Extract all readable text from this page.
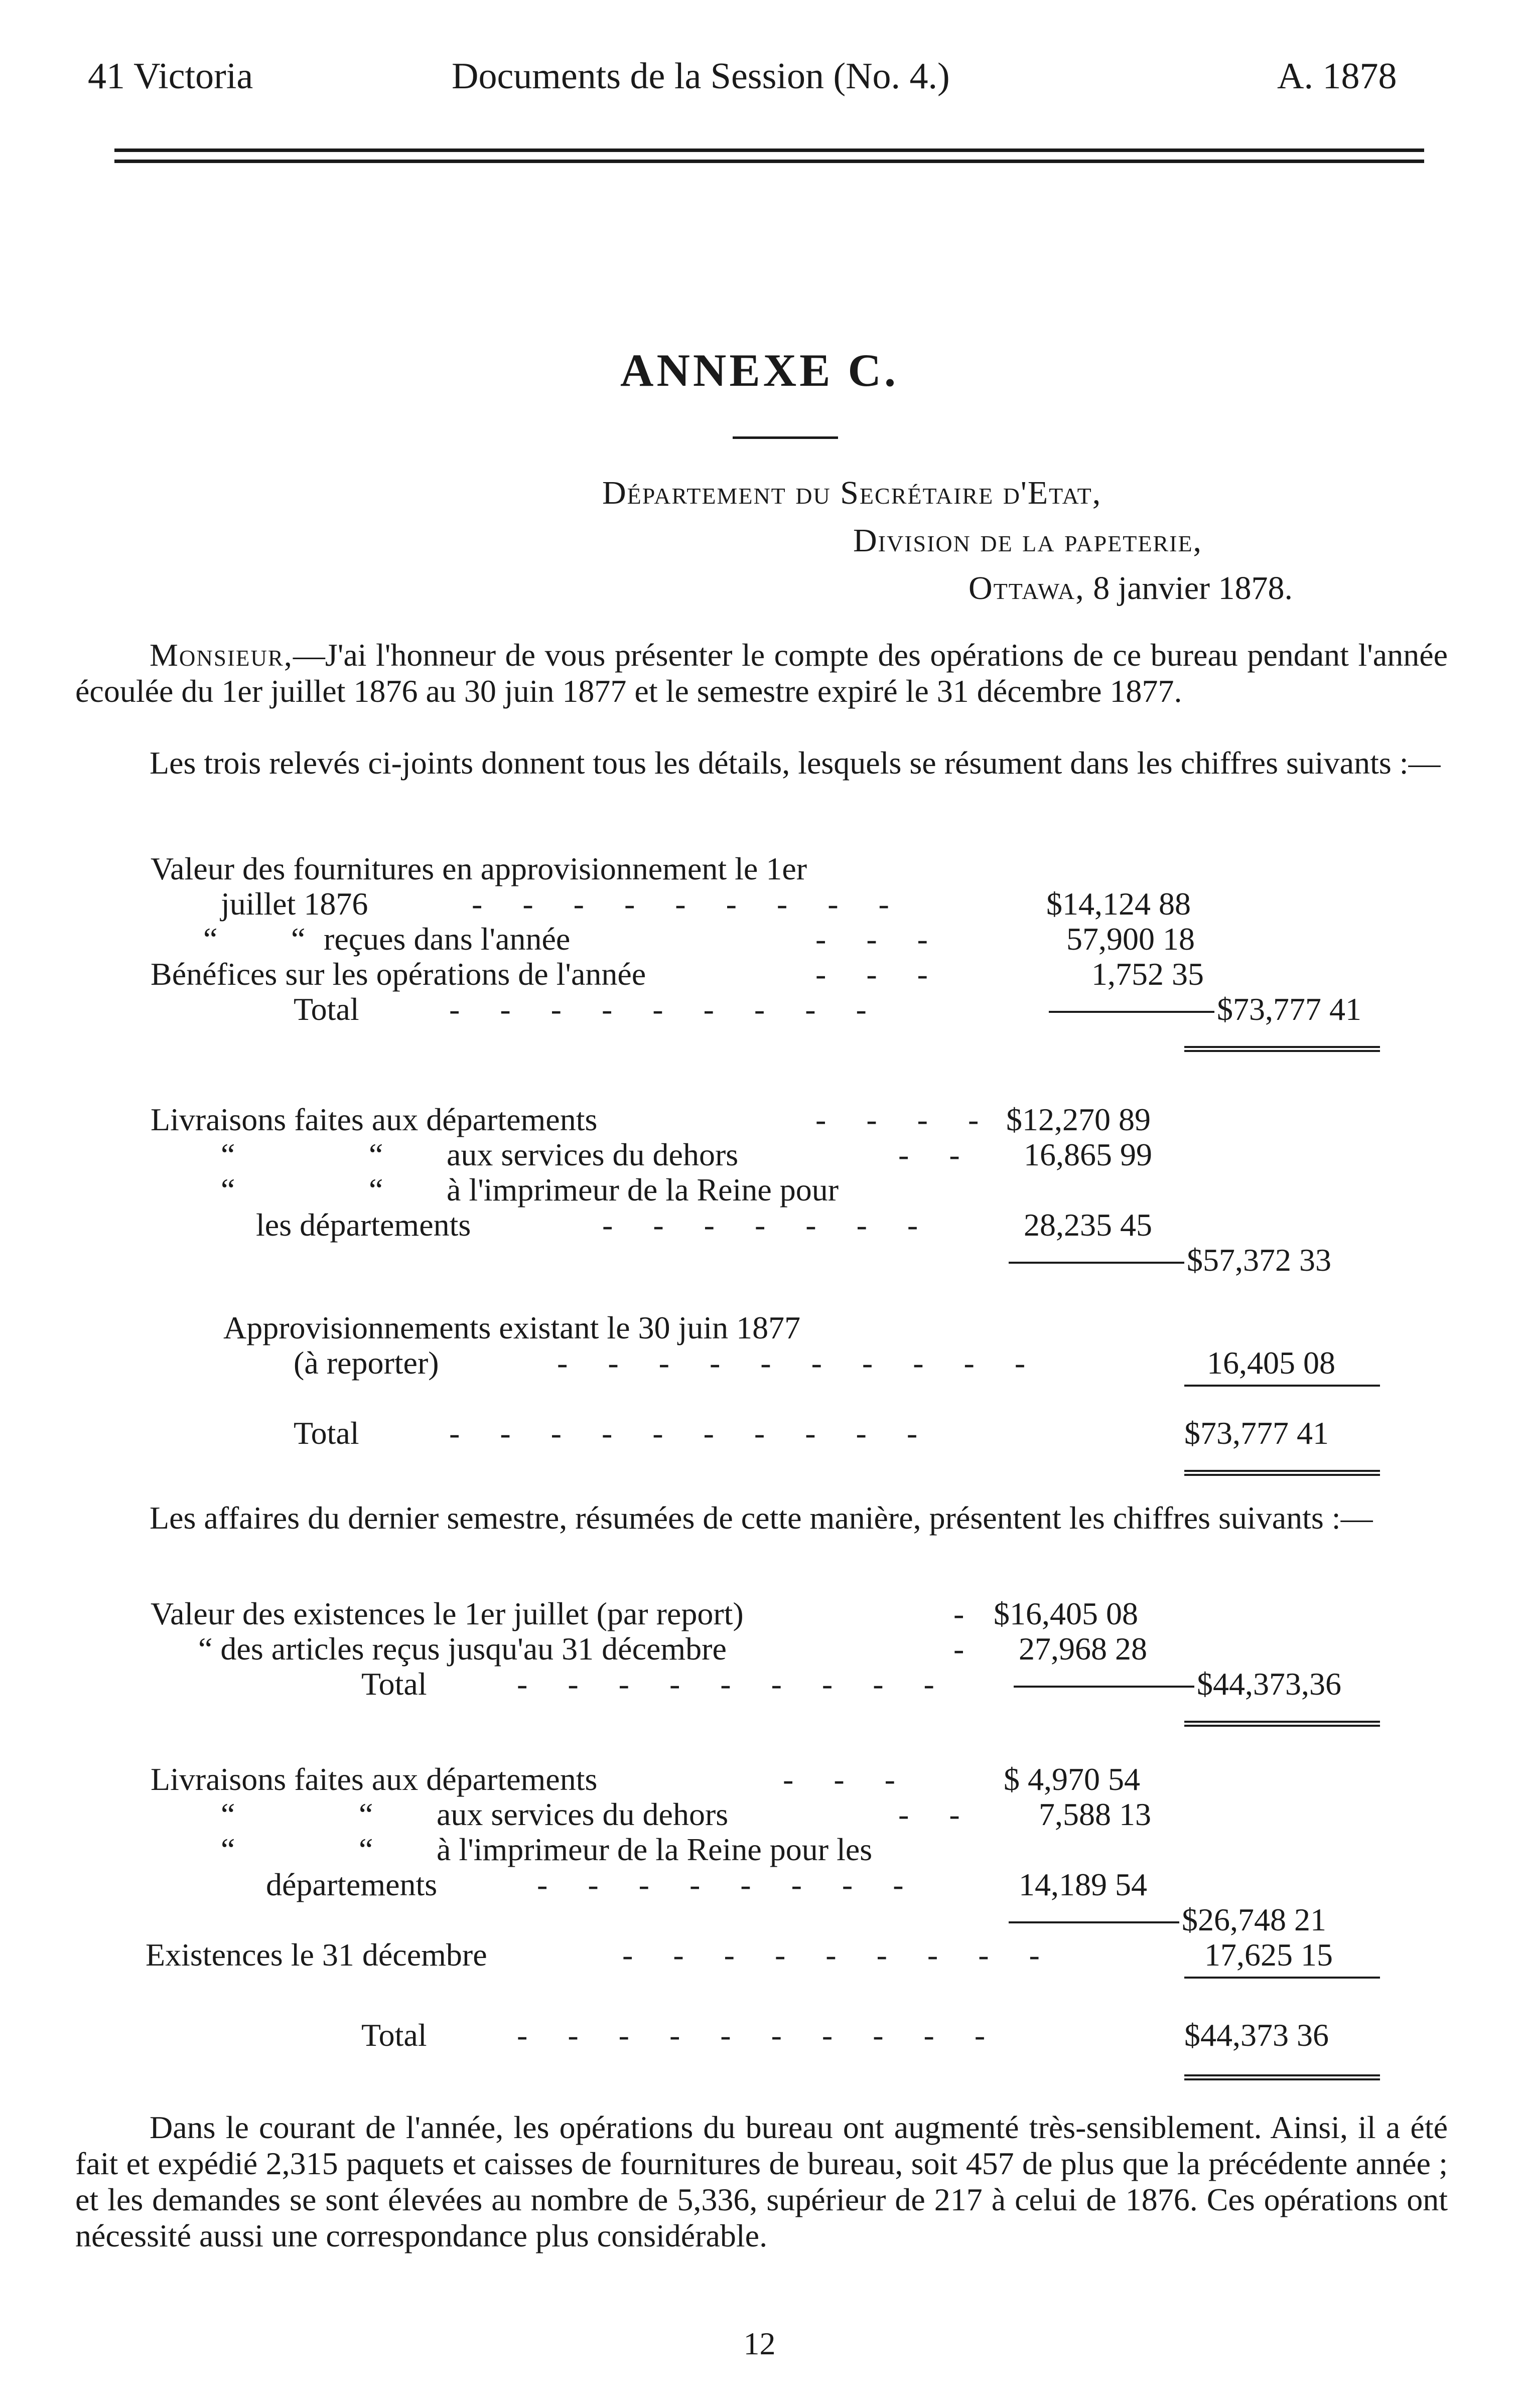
41 Victoria	Documents de la Session (No. 4.)	A. 1878
ANNEXE C.
Département du Secrétaire d'Etat,
Division de la papeterie,
Ottawa, 8 janvier 1878.
Monsieur,—J'ai l'honneur de vous présenter le compte des opérations de ce bureau pendant l'année écoulée du 1er juillet 1876 au 30 juin 1877 et le semestre expiré le 31 décembre 1877.
Les trois relevés ci-joints donnent tous les détails, lesquels se résument dans les chiffres suivants :—
Valeur des fournitures en approvisionnement le 1er
juillet 1876	- - - - - - - - -	$14,124 88
“ “ reçues dans l'année	- - -	57,900 18
Bénéfices sur les opérations de l'année	- - -	1,752 35
Total	- - - - - - - - -	$73,777 41
Livraisons faites aux départements	- - - - $12,270 89
“	“ aux services du dehors	- - 16,865 99
“	“ à l'imprimeur de la Reine pour
les départements	- - - - - - -	28,235 45
$57,372 33
Approvisionnements existant le 30 juin 1877
(à reporter)	- - - - - - - - - -	16,405 08
Total	- - - - - - - - - -	$73,777 41
Les affaires du dernier semestre, résumées de cette manière, présentent les chiffres suivants :—
Valeur des existences le 1er juillet (par report)	- $16,405 08
“ des articles reçus jusqu'au 31 décembre	- 27,968 28
Total	- - - - - - - - -	$44,373,36
Livraisons faites aux départements	- - -	$ 4,970 54
“	“ aux services du dehors	- - 7,588 13
“	“ à l'imprimeur de la Reine pour les
départements	- - - - - - - -	14,189 54
$26,748 21
Existences le 31 décembre	- - - - - - - - -	17,625 15
Total	- - - - - - - - - -	$44,373 36
Dans le courant de l'année, les opérations du bureau ont augmenté très-sensiblement. Ainsi, il a été fait et expédié 2,315 paquets et caisses de fournitures de bureau, soit 457 de plus que la précédente année ; et les demandes se sont élevées au nombre de 5,336, supérieur de 217 à celui de 1876. Ces opérations ont nécessité aussi une correspondance plus considérable.
12
